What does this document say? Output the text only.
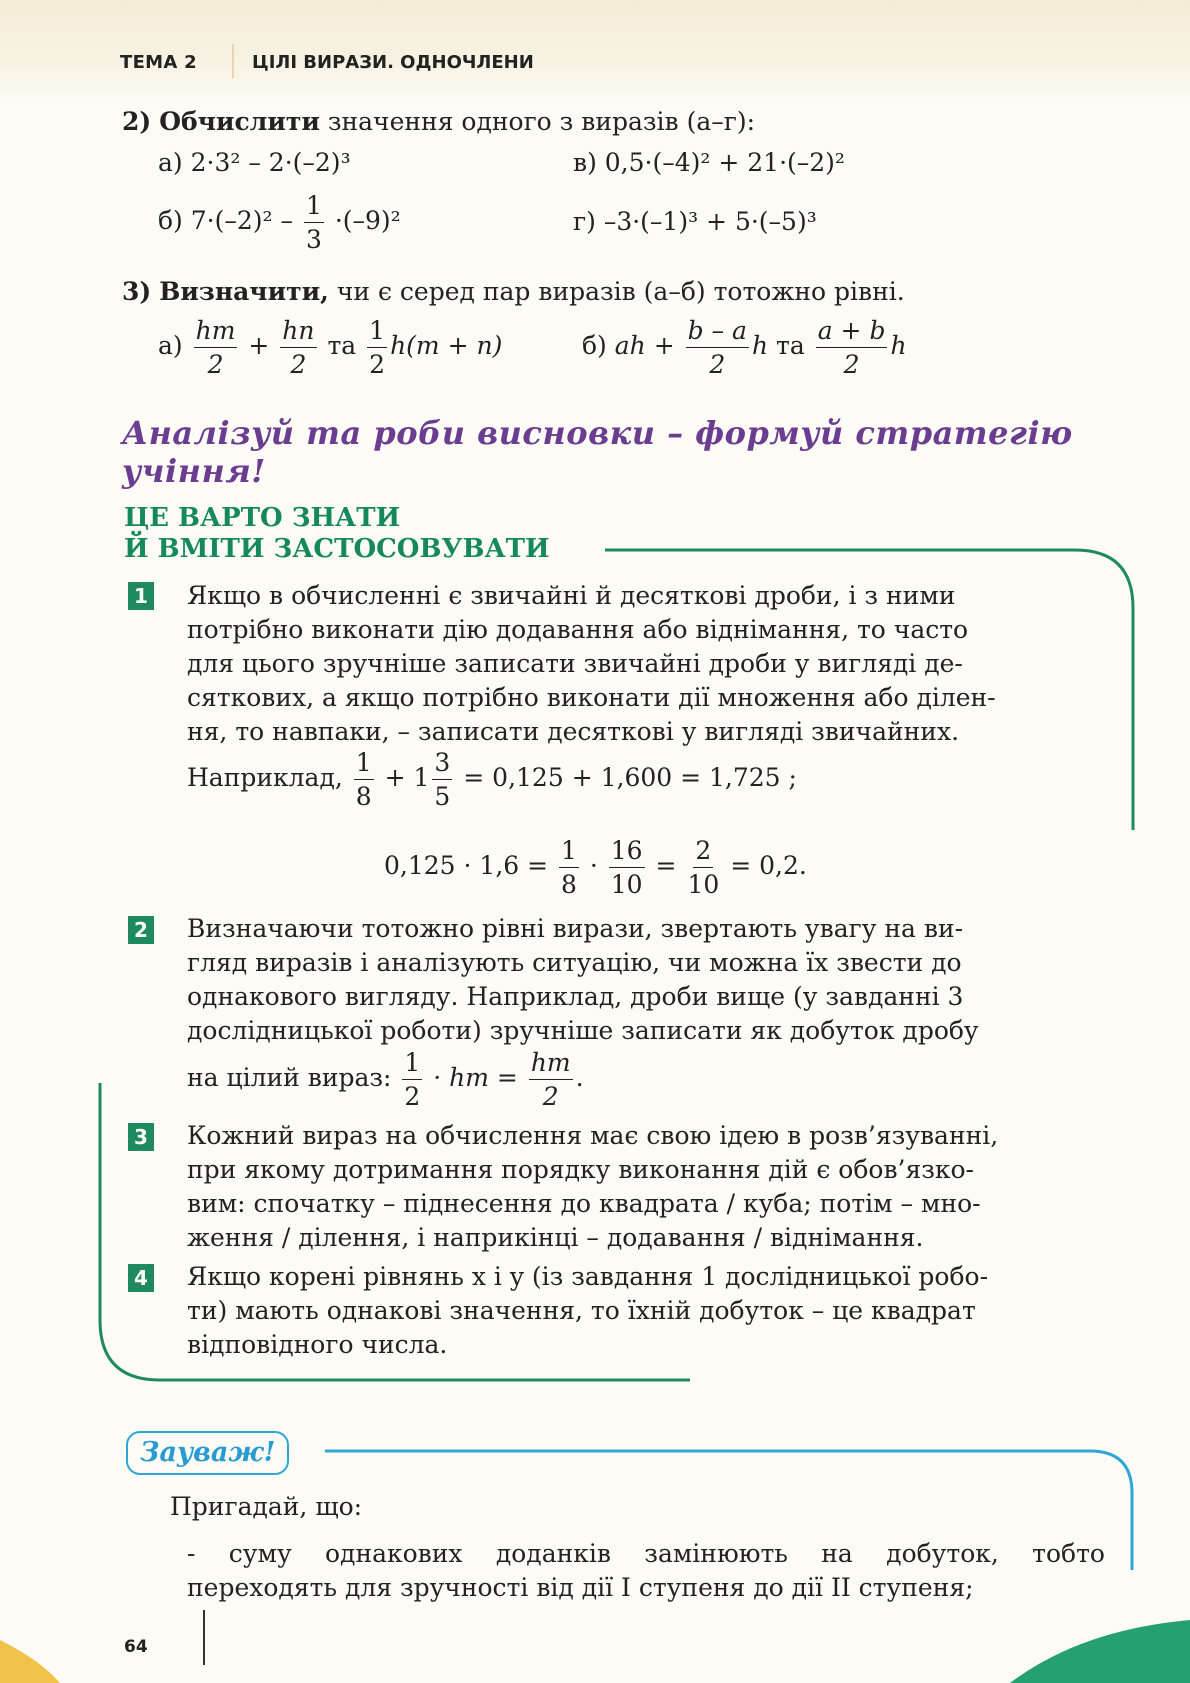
ТЕМА 2	ЦІЛІ ВИРАЗИ. ОДНОЧЛЕНИ
2) Обчислити значення одного з виразів (а–г):
а) 2·3² – 2·(–2)³	в) 0,5·(–4)² + 21·(–2)²
б) $7\cdot(-2)^2 - \frac{1}{3} \cdot(-9)^2$	г) –3·(–1)³ + 5·(–5)³
3) Визначити, чи є серед пар виразів (а–б) тотожно рівні.
$а) \frac{hm}{2} + \frac{hn}{2}$ та $\frac{1}{2} h(m + n)$	б) ah + $\frac{b - a}{2}$ h та $\frac{a + b}{2}$ h
Аналізуй та роби висновки – формуй стратегію
учіння!
ЦЕ ВАРТО ЗНАТИ
Й ВМІТИ ЗАСТОСОВУВАТИ
1 Якщо в обчисленні є звичайні й десяткові дроби, і з ними
потрібно виконати дію додавання або віднімання, то часто
для цього зручніше записати звичайні дроби у вигляді де-
сяткових, а якщо потрібно виконати дії множення або ділен-
ня, то навпаки, – записати десяткові у вигляді звичайних.
Наприклад, $\frac{1}{8} + 1 \frac{3}{5} = 0,125 + 1,600 = 1,725$ ;
$0,125 \cdot 1,6 = \frac{1}{8} \cdot \frac{16}{10} = \frac{2}{10} = 0,2$.
2 Визначаючи тотожно рівні вирази, звертають увагу на ви-
гляд виразів і аналізують ситуацію, чи можна їх звести до
однакового вигляду. Наприклад, дроби вище (у завданні 3
дослідницької роботи) зручніше записати як добуток дробу
на цілий вираз: $\frac{1}{2}$ · hm = $\frac{hm}{2}$ .
3 Кожний вираз на обчислення має свою ідею в розв’язуванні,
при якому дотримання порядку виконання дій є обов’язко-
вим: спочатку – піднесення до квадрата / куба; потім – мно-
ження / ділення, і наприкінці – додавання / віднімання.
4 Якщо корені рівнянь x і y (із завдання 1 дослідницької робо-
ти) мають однакові значення, то їхній добуток – це квадрат
відповідного числа.
Зауваж!
Пригадай, що:
- суму однакових доданків замінюють на добуток, тобто
переходять для зручності від дії I ступеня до дії II ступеня;
64
